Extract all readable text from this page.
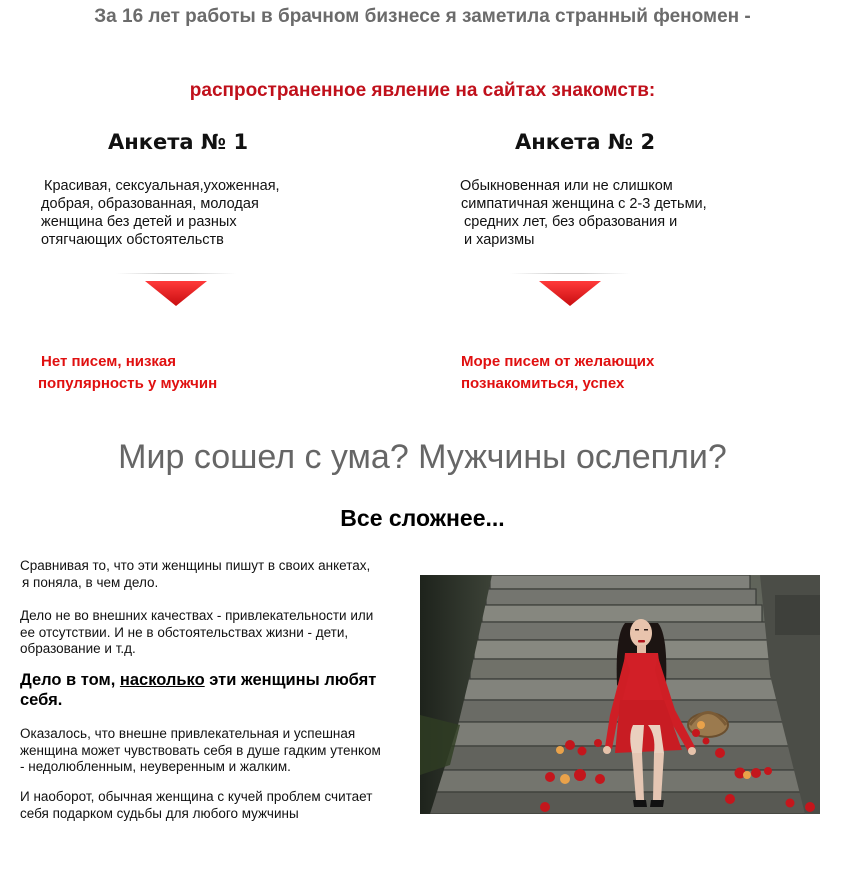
За 16 лет работы в брачном бизнесе я заметила странный феномен -
распространенное явление на сайтах знакомств:
Анкета № 1
Красивая, сексуальная,ухоженная,
добрая, образованная, молодая
женщина без детей и разных
отягчающих обстоятельств
Нет писем, низкая
популярность у мужчин
Анкета № 2
Обыкновенная или не слишком
симпатичная женщина с 2-3 детьми,
средних лет, без образования и
и харизмы
Море писем от желающих
познакомиться, успех
Мир сошел с ума? Мужчины ослепли?
Все сложнее...
Сравнивая то, что эти женщины пишут в своих анкетах,
я поняла, в чем дело.
Дело не во внешних качествах - привлекательности или
ее отсутствии. И не в обстоятельствах жизни - дети,
образование и т.д.
Дело в том, насколько эти женщины любят
себя.
Оказалось, что внешне привлекательная и успешная
женщина может чувствовать себя в душе гадким утенком
- недолюбленным, неуверенным и жалким.
И наоборот, обычная женщина с кучей проблем считает
себя подарком судьбы для любого мужчины
